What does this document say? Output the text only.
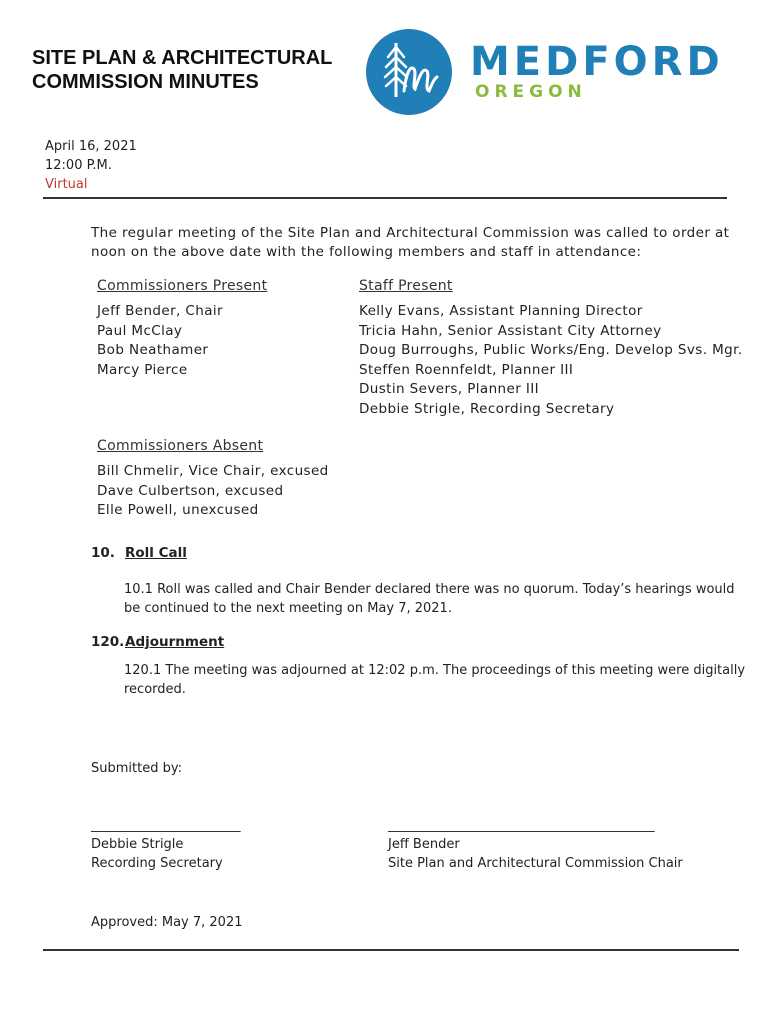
SITE PLAN & ARCHITECTURAL
COMMISSION MINUTES	MEDFORD
OREGON
April 16, 2021
12:00 P.M.
Virtual
The regular meeting of the Site Plan and Architectural Commission was called to order at
noon on the above date with the following members and staff in attendance:
Commissioners Present
Jeff Bender, Chair
Paul McClay
Bob Neathamer
Marcy Pierce
Staff Present
Kelly Evans, Assistant Planning Director
Tricia Hahn, Senior Assistant City Attorney
Doug Burroughs, Public Works/Eng. Develop Svs. Mgr.
Steffen Roennfeldt, Planner III
Dustin Severs, Planner III
Debbie Strigle, Recording Secretary
Commissioners Absent
Bill Chmelir, Vice Chair, excused
Dave Culbertson, excused
Elle Powell, unexcused
10. Roll Call
10.1 Roll was called and Chair Bender declared there was no quorum. Today’s hearings would
be continued to the next meeting on May 7, 2021.
120. Adjournment
120.1 The meeting was adjourned at 12:02 p.m. The proceedings of this meeting were digitally
recorded.
Submitted by:
_______________________
Debbie Strigle
Recording Secretary
_________________________________________
Jeff Bender
Site Plan and Architectural Commission Chair
Approved: May 7, 2021
